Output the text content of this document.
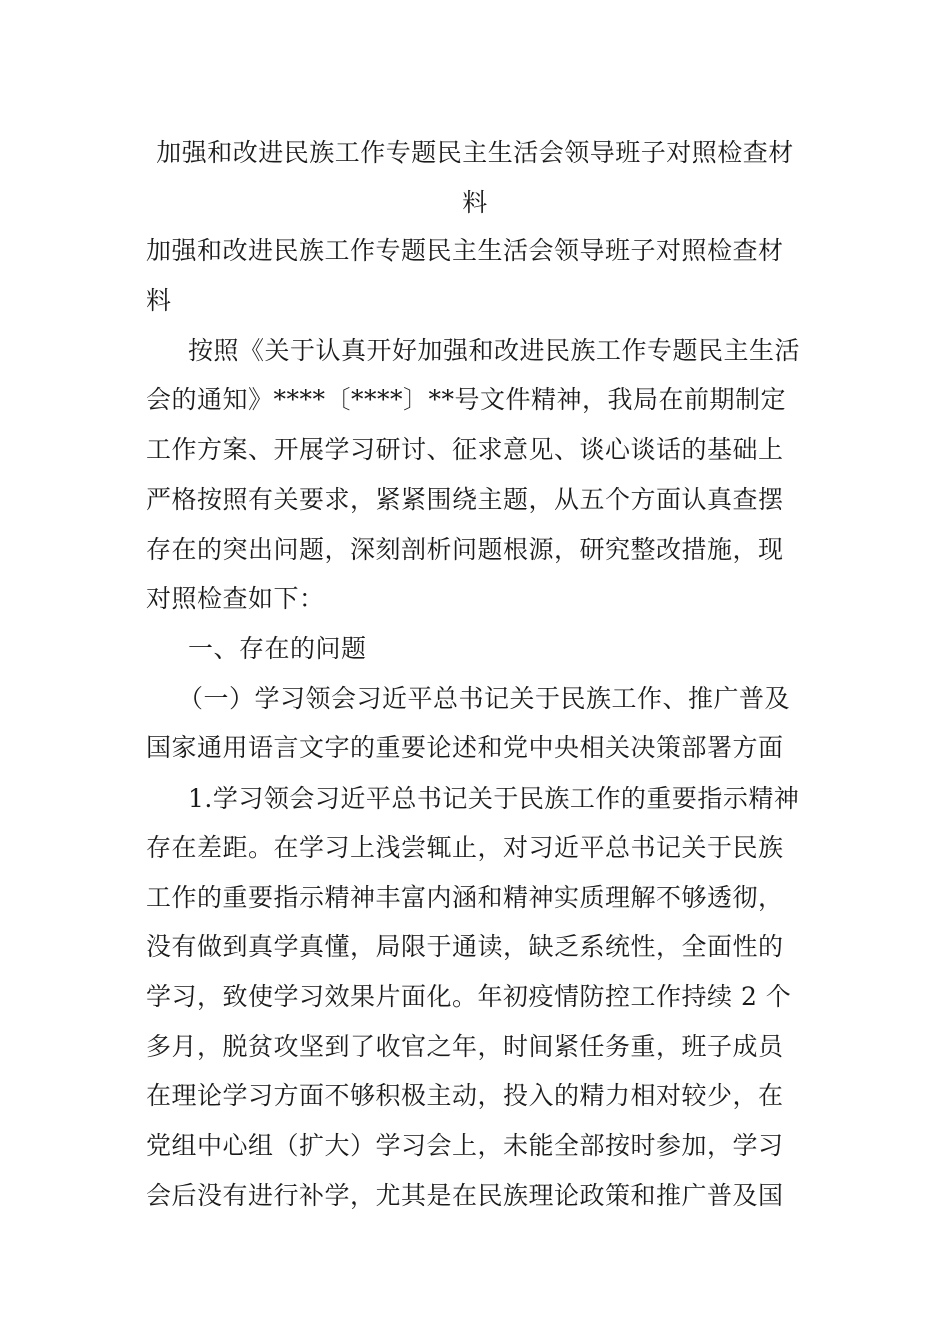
加强和改进民族工作专题民主生活会领导班子对照检查材
料
加强和改进民族工作专题民主生活会领导班子对照检查材
料
按照《关于认真开好加强和改进民族工作专题民主生活
会的通知》****〔****〕**号文件精神，我局在前期制定
工作方案、开展学习研讨、征求意见、谈心谈话的基础上
严格按照有关要求，紧紧围绕主题，从五个方面认真查摆
存在的突出问题，深刻剖析问题根源，研究整改措施，现
对照检查如下：
一、存在的问题
（一）学习领会习近平总书记关于民族工作、推广普及
国家通用语言文字的重要论述和党中央相关决策部署方面
1.学习领会习近平总书记关于民族工作的重要指示精神
存在差距。在学习上浅尝辄止，对习近平总书记关于民族
工作的重要指示精神丰富内涵和精神实质理解不够透彻，
没有做到真学真懂，局限于通读，缺乏系统性，全面性的
学习，致使学习效果片面化。年初疫情防控工作持续 2 个
多月，脱贫攻坚到了收官之年，时间紧任务重，班子成员
在理论学习方面不够积极主动，投入的精力相对较少，在
党组中心组（扩大）学习会上，未能全部按时参加，学习
会后没有进行补学，尤其是在民族理论政策和推广普及国
